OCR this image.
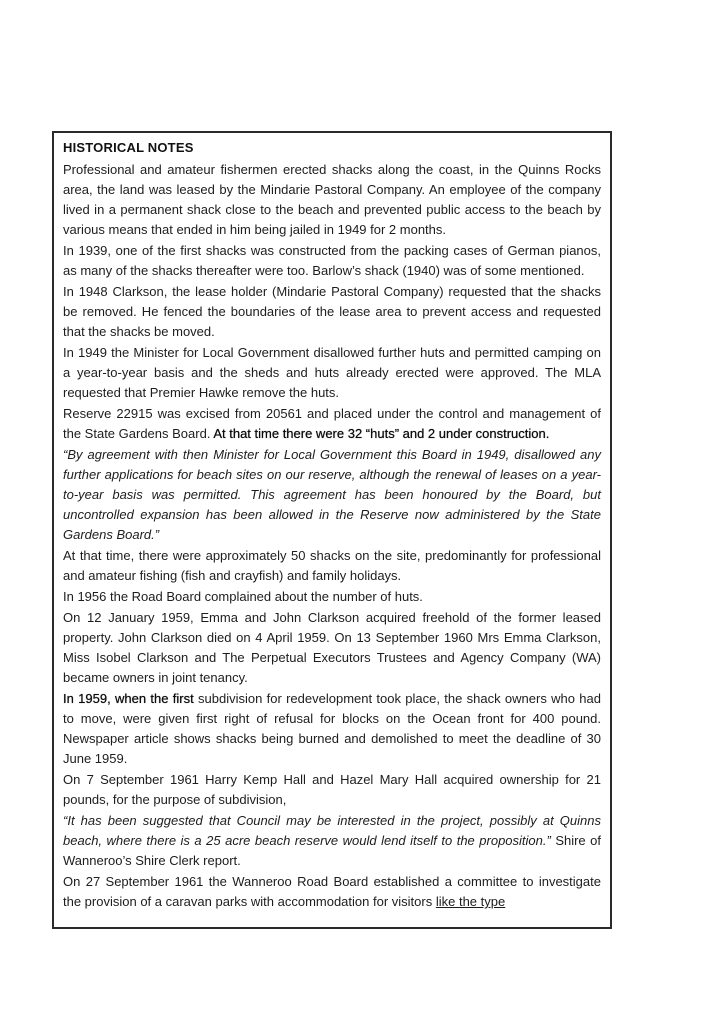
HISTORICAL NOTES

Professional and amateur fishermen erected shacks along the coast, in the Quinns Rocks area, the land was leased by the Mindarie Pastoral Company. An employee of the company lived in a permanent shack close to the beach and prevented public access to the beach by various means that ended in him being jailed in 1949 for 2 months.

In 1939, one of the first shacks was constructed from the packing cases of German pianos, as many of the shacks thereafter were too. Barlow’s shack (1940) was of some mentioned.

In 1948 Clarkson, the lease holder (Mindarie Pastoral Company) requested that the shacks be removed. He fenced the boundaries of the lease area to prevent access and requested that the shacks be moved.

In 1949 the Minister for Local Government disallowed further huts and permitted camping on a year-to-year basis and the sheds and huts already erected were approved. The MLA requested that Premier Hawke remove the huts.

Reserve 22915 was excised from 20561 and placed under the control and management of the State Gardens Board. At that time there were 32 “huts” and 2 under construction.

“By agreement with then Minister for Local Government this Board in 1949, disallowed any further applications for beach sites on our reserve, although the renewal of leases on a year-to-year basis was permitted. This agreement has been honoured by the Board, but uncontrolled expansion has been allowed in the Reserve now administered by the State Gardens Board.”

At that time, there were approximately 50 shacks on the site, predominantly for professional and amateur fishing (fish and crayfish) and family holidays.

In 1956 the Road Board complained about the number of huts.

On 12 January 1959, Emma and John Clarkson acquired freehold of the former leased property. John Clarkson died on 4 April 1959. On 13 September 1960 Mrs Emma Clarkson, Miss Isobel Clarkson and The Perpetual Executors Trustees and Agency Company (WA) became owners in joint tenancy.

In 1959, when the first subdivision for redevelopment took place, the shack owners who had to move, were given first right of refusal for blocks on the Ocean front for 400 pound. Newspaper article shows shacks being burned and demolished to meet the deadline of 30 June 1959.

On 7 September 1961 Harry Kemp Hall and Hazel Mary Hall acquired ownership for 21 pounds, for the purpose of subdivision,

“It has been suggested that Council may be interested in the project, possibly at Quinns beach, where there is a 25 acre beach reserve would lend itself to the proposition.” Shire of Wanneroo’s Shire Clerk report.

On 27 September 1961 the Wanneroo Road Board established a committee to investigate the provision of a caravan parks with accommodation for visitors like the type
